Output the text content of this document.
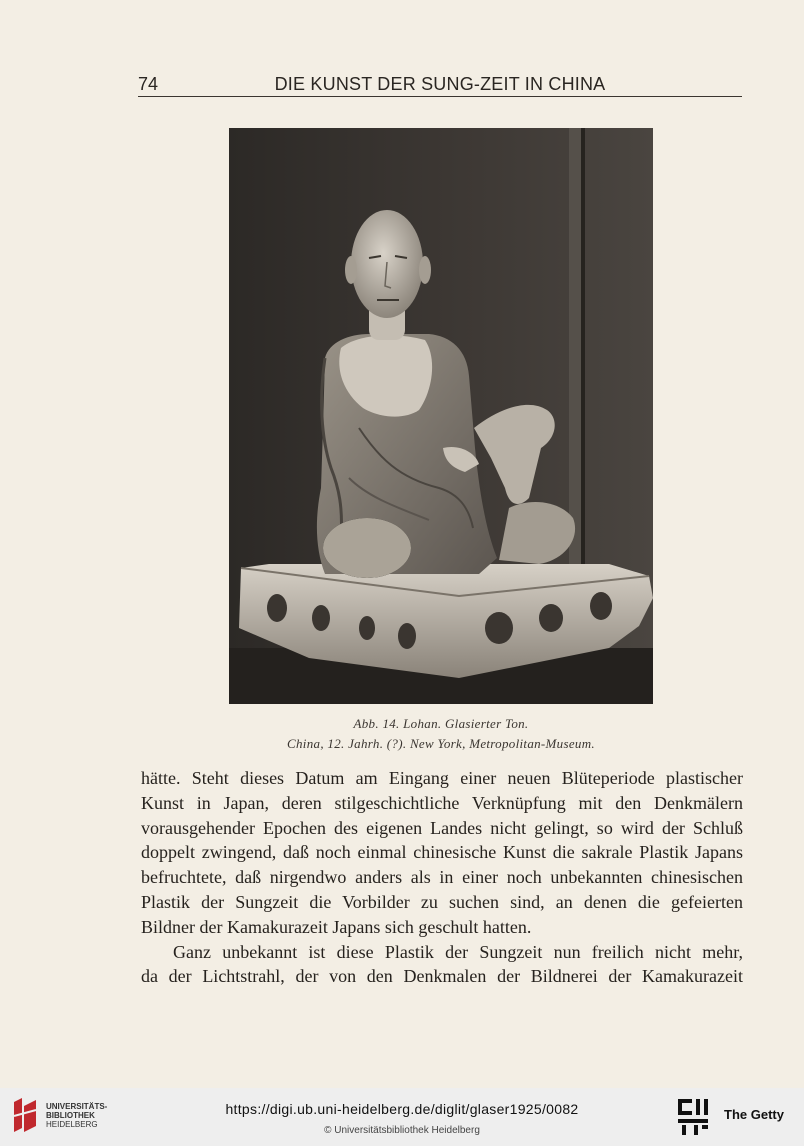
74	DIE KUNST DER SUNG-ZEIT IN CHINA
Abb. 14. Lohan. Glasierter Ton.
China, 12. Jahrh. (?). New York, Metropolitan-Museum.
hätte. Steht dieses Datum am Eingang einer neuen Blüteperiode plastischer
Kunst in Japan, deren stilgeschichtliche Verknüpfung mit den Denkmälern
vorausgehender Epochen des eigenen Landes nicht gelingt, so wird der Schluß
doppelt zwingend, daß noch einmal chinesische Kunst die sakrale Plastik Japans
befruchtete, daß nirgendwo anders als in einer noch unbekannten chinesischen
Plastik der Sungzeit die Vorbilder zu suchen sind, an denen die gefeierten
Bildner der Kamakurazeit Japans sich geschult hatten.
Ganz unbekannt ist diese Plastik der Sungzeit nun freilich nicht mehr,
da der Lichtstrahl, der von den Denkmalen der Bildnerei der Kamakurazeit
UNIVERSITÄTS-
BIBLIOTHEK
HEIDELBERG
https://digi.ub.uni-heidelberg.de/diglit/glaser1925/0082
© Universitätsbibliothek Heidelberg
The Getty
